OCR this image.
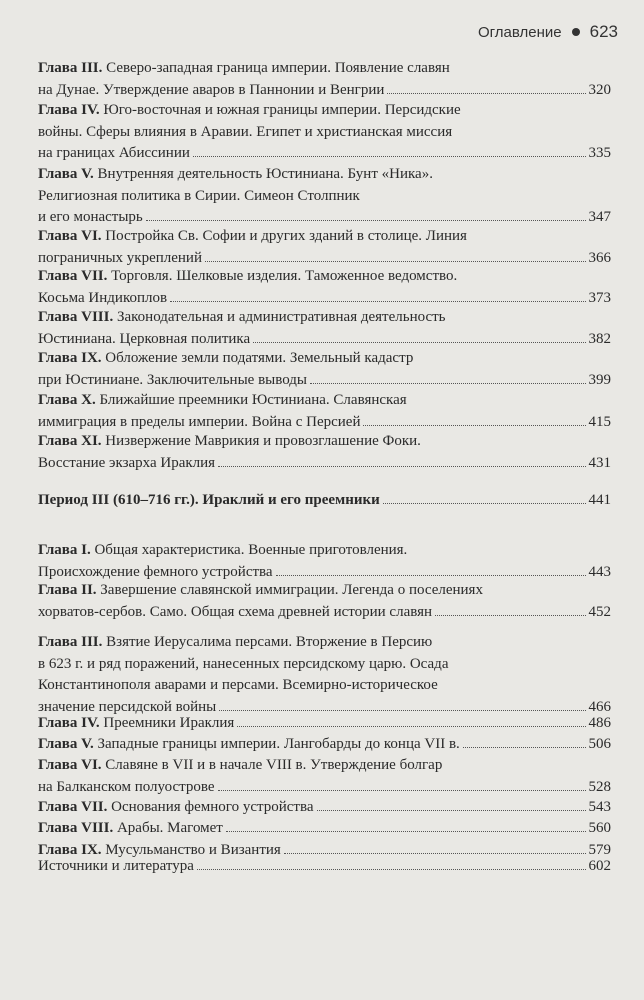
Оглавление 623
Глава III. Северо-западная граница империи. Появление славян
на Дунае. Утверждение аваров в Паннонии и Венгрии	320
Глава IV. Юго-восточная и южная границы империи. Персидские
войны. Сферы влияния в Аравии. Египет и христианская миссия
на границах Абиссинии	335
Глава V. Внутренняя деятельность Юстиниана. Бунт «Ника».
Религиозная политика в Сирии. Симеон Столпник
и его монастырь	347
Глава VI. Постройка Св. Софии и других зданий в столице. Линия
пограничных укреплений	366
Глава VII. Торговля. Шелковые изделия. Таможенное ведомство.
Косьма Индикоплов	373
Глава VIII. Законодательная и административная деятельность
Юстиниана. Церковная политика	382
Глава IX. Обложение земли податями. Земельный кадастр
при Юстиниане. Заключительные выводы	399
Глава X. Ближайшие преемники Юстиниана. Славянская
иммиграция в пределы империи. Война с Персией	415
Глава XI. Низвержение Маврикия и провозглашение Фоки.
Восстание экзарха Ираклия	431
Период III (610–716 гг.). Ираклий и его преемники	441
Глава I. Общая характеристика. Военные приготовления.
Происхождение фемного устройства	443
Глава II. Завершение славянской иммиграции. Легенда о поселениях
хорватов-сербов. Само. Общая схема древней истории славян	452
Глава III. Взятие Иерусалима персами. Вторжение в Персию
в 623 г. и ряд поражений, нанесенных персидскому царю. Осада
Константинополя аварами и персами. Всемирно-историческое
значение персидской войны	466
Глава IV. Преемники Ираклия	486
Глава V. Западные границы империи. Лангобарды до конца VII в.	506
Глава VI. Славяне в VII и в начале VIII в. Утверждение болгар
на Балканском полуострове	528
Глава VII. Основания фемного устройства	543
Глава VIII. Арабы. Магомет	560
Глава IX. Мусульманство и Византия	579
Источники и литература	602
